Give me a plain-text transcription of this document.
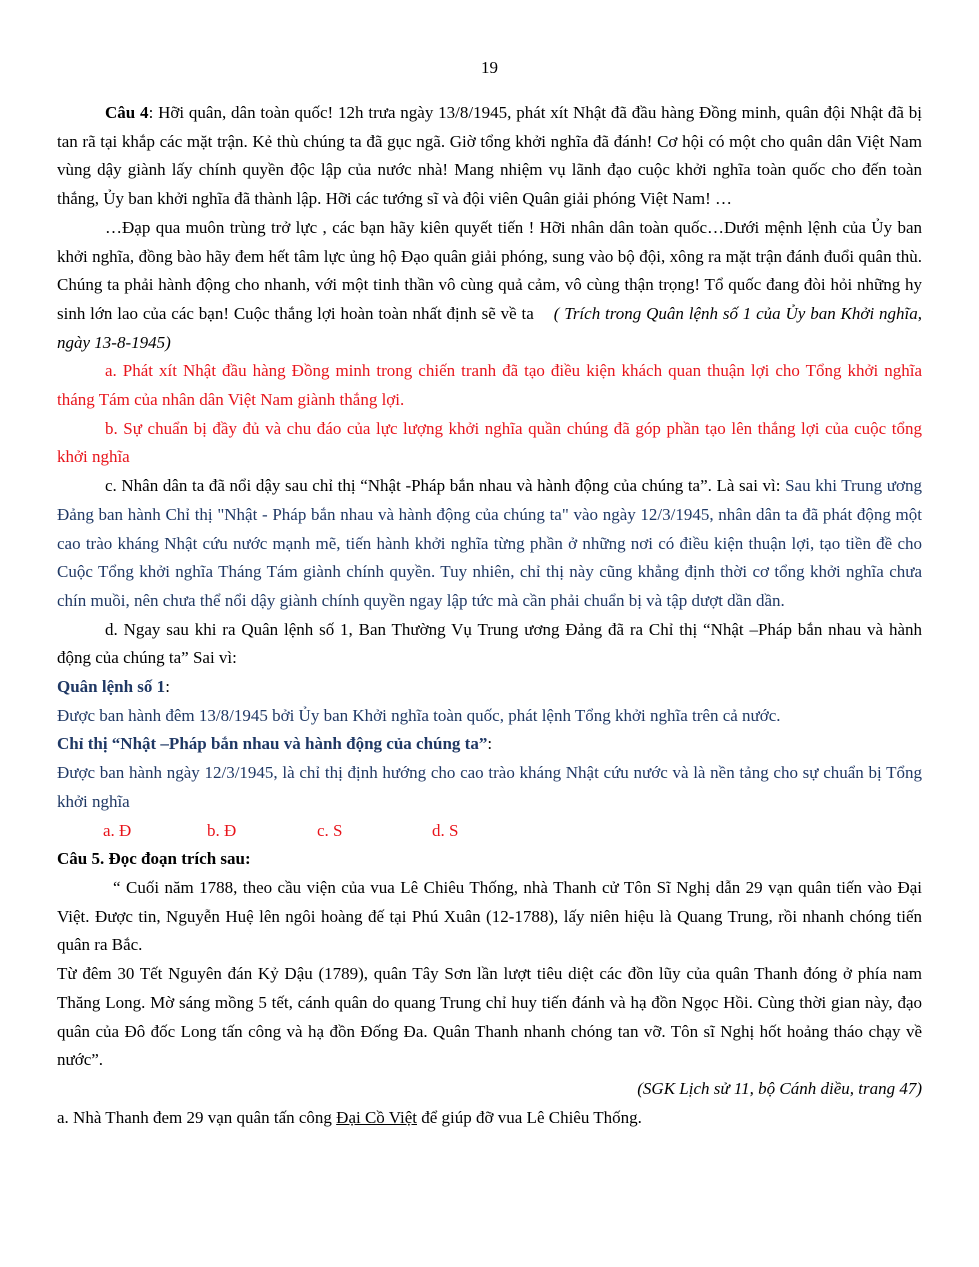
19

Câu 4: Hỡi quân, dân toàn quốc! 12h trưa ngày 13/8/1945, phát xít Nhật đã đầu hàng Đồng minh, quân đội Nhật đã bị tan rã tại khắp các mặt trận. Kẻ thù chúng ta đã gục ngã. Giờ tổng khởi nghĩa đã đánh! Cơ hội có một cho quân dân Việt Nam vùng dậy giành lấy chính quyền độc lập của nước nhà! Mang nhiệm vụ lãnh đạo cuộc khởi nghĩa toàn quốc cho đến toàn thắng, Ủy ban khởi nghĩa đã thành lập. Hỡi các tướng sĩ và đội viên Quân giải phóng Việt Nam! …

…Đạp qua muôn trùng trở lực , các bạn hãy kiên quyết tiến ! Hỡi nhân dân toàn quốc…Dưới mệnh lệnh của Ủy ban khởi nghĩa, đồng bào hãy đem hết tâm lực ủng hộ Đạo quân giải phóng, sung vào bộ đội, xông ra mặt trận đánh đuổi quân thù. Chúng ta phải hành động cho nhanh, với một tinh thần vô cùng quả cảm, vô cùng thận trọng! Tổ quốc đang đòi hỏi những hy sinh lớn lao của các bạn! Cuộc thắng lợi hoàn toàn nhất định sẽ về ta ( Trích trong Quân lệnh số 1 của Ủy ban Khởi nghĩa, ngày 13-8-1945)

a. Phát xít Nhật đầu hàng Đồng minh trong chiến tranh đã tạo điều kiện khách quan thuận lợi cho Tổng khởi nghĩa tháng Tám của nhân dân Việt Nam giành thắng lợi.

b. Sự chuẩn bị đầy đủ và chu đáo của lực lượng khởi nghĩa quần chúng đã góp phần tạo lên thắng lợi của cuộc tổng khởi nghĩa

c. Nhân dân ta đã nổi dậy sau chỉ thị “Nhật -Pháp bắn nhau và hành động của chúng ta”. Là sai vì: Sau khi Trung ương Đảng ban hành Chỉ thị "Nhật - Pháp bắn nhau và hành động của chúng ta" vào ngày 12/3/1945, nhân dân ta đã phát động một cao trào kháng Nhật cứu nước mạnh mẽ, tiến hành khởi nghĩa từng phần ở những nơi có điều kiện thuận lợi, tạo tiền đề cho Cuộc Tổng khởi nghĩa Tháng Tám giành chính quyền. Tuy nhiên, chỉ thị này cũng khẳng định thời cơ tổng khởi nghĩa chưa chín muồi, nên chưa thể nổi dậy giành chính quyền ngay lập tức mà cần phải chuẩn bị và tập dượt dần dần.

d. Ngay sau khi ra Quân lệnh số 1, Ban Thường Vụ Trung ương Đảng đã ra Chỉ thị “Nhật –Pháp bắn nhau và hành động của chúng ta” Sai vì:

Quân lệnh số 1:

Được ban hành đêm 13/8/1945 bởi Ủy ban Khởi nghĩa toàn quốc, phát lệnh Tổng khởi nghĩa trên cả nước.

Chỉ thị “Nhật –Pháp bắn nhau và hành động của chúng ta”:

Được ban hành ngày 12/3/1945, là chỉ thị định hướng cho cao trào kháng Nhật cứu nước và là nền tảng cho sự chuẩn bị Tổng khởi nghĩa

a. Đ	b. Đ	c. S	d. S

Câu 5. Đọc đoạn trích sau:

“ Cuối năm 1788, theo cầu viện của vua Lê Chiêu Thống, nhà Thanh cử Tôn Sĩ Nghị dẫn 29 vạn quân tiến vào Đại Việt. Được tin, Nguyễn Huệ lên ngôi hoàng đế tại Phú Xuân (12-1788), lấy niên hiệu là Quang Trung, rồi nhanh chóng tiến quân ra Bắc.

Từ đêm 30 Tết Nguyên đán Kỷ Dậu (1789), quân Tây Sơn lần lượt tiêu diệt các đồn lũy của quân Thanh đóng ở phía nam Thăng Long. Mờ sáng mồng 5 tết, cánh quân do quang Trung chỉ huy tiến đánh và hạ đồn Ngọc Hồi. Cùng thời gian này, đạo quân của Đô đốc Long tấn công và hạ đồn Đống Đa. Quân Thanh nhanh chóng tan vỡ. Tôn sĩ Nghị hốt hoảng tháo chạy về nước”.

(SGK Lịch sử 11, bộ Cánh diều, trang 47)

a. Nhà Thanh đem 29 vạn quân tấn công Đại Cồ Việt để giúp đỡ vua Lê Chiêu Thống.
